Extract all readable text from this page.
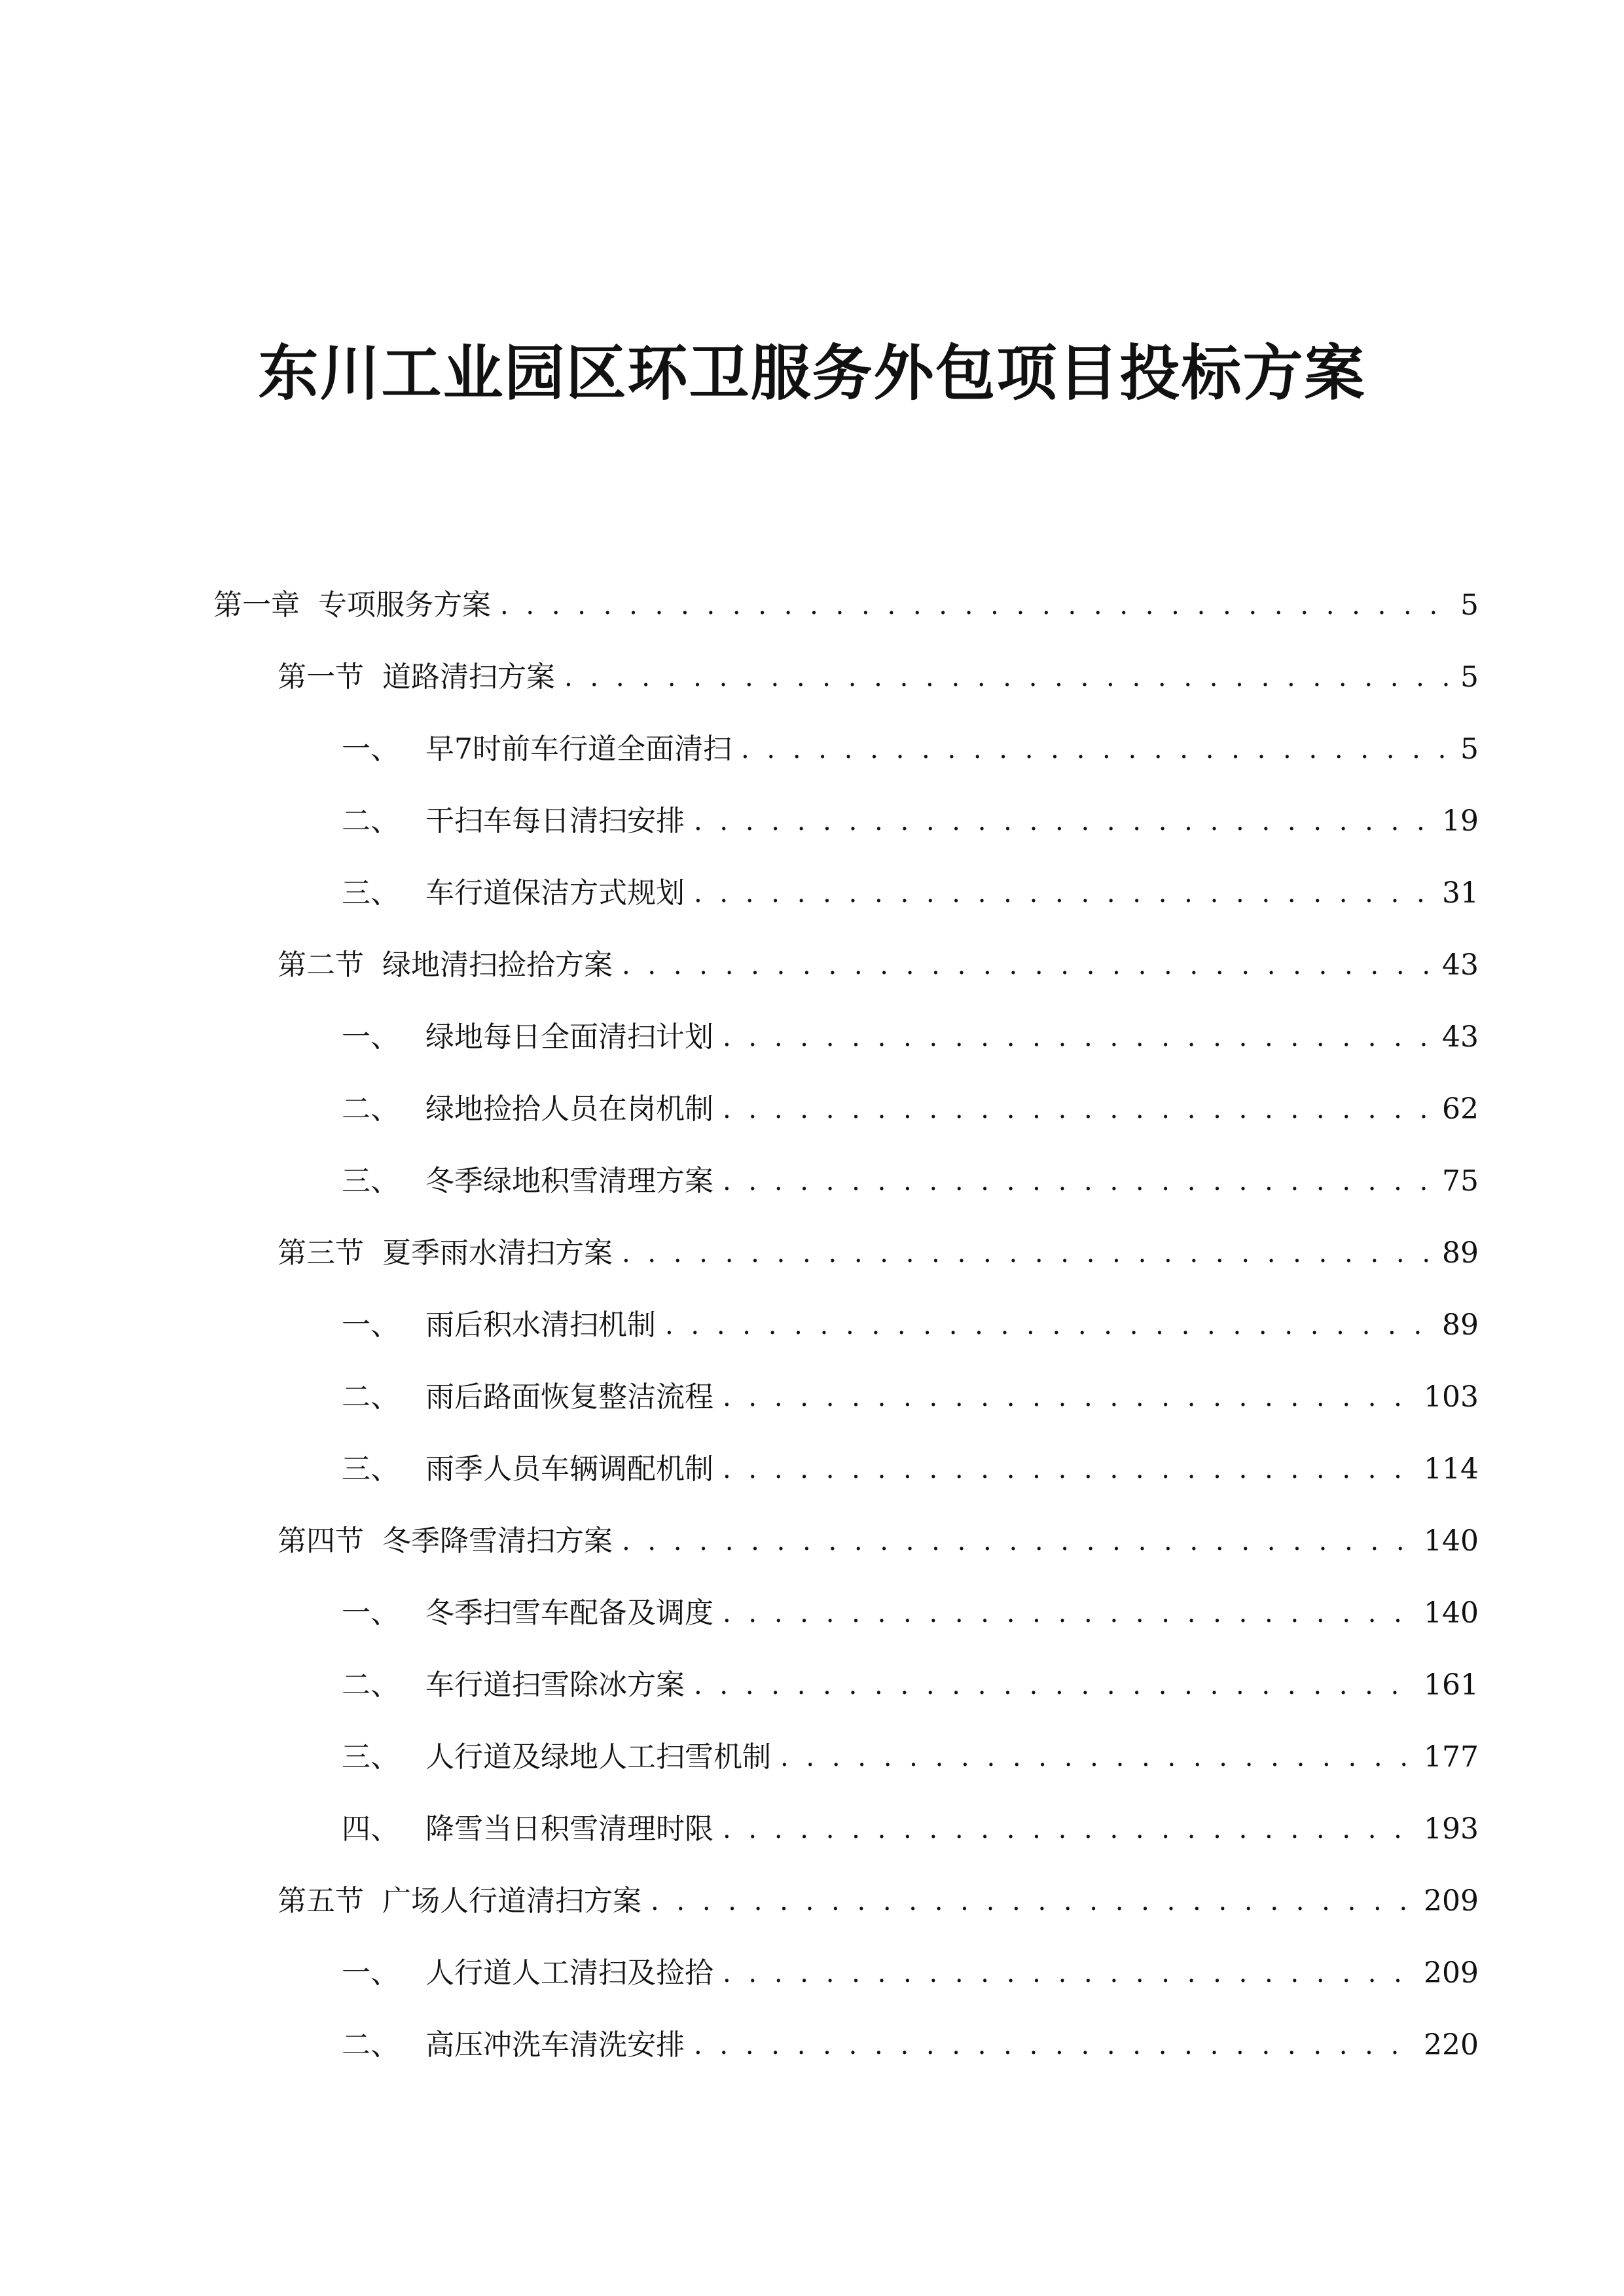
东川工业园区环卫服务外包项目投标方案
第一章 专项服务方案 . . .	5
第一节 道路清扫方案 . . .	5
一、 早7时前车行道全面清扫 . . .	5
二、 干扫车每日清扫安排 . . .	19
三、 车行道保洁方式规划 . . .	31
第二节 绿地清扫捡拾方案 . . .	43
一、 绿地每日全面清扫计划 . . .	43
二、 绿地捡拾人员在岗机制 . . .	62
三、 冬季绿地积雪清理方案 . . .	75
第三节 夏季雨水清扫方案 . . .	89
一、 雨后积水清扫机制 . . .	89
二、 雨后路面恢复整洁流程 . . .	103
三、 雨季人员车辆调配机制 . . .	114
第四节 冬季降雪清扫方案 . . .	140
一、 冬季扫雪车配备及调度 . . .	140
二、 车行道扫雪除冰方案 . . .	161
三、 人行道及绿地人工扫雪机制 . . .	177
四、 降雪当日积雪清理时限 . . .	193
第五节 广场人行道清扫方案 . . .	209
一、 人行道人工清扫及捡拾 . . .	209
二、 高压冲洗车清洗安排 . . .	220
